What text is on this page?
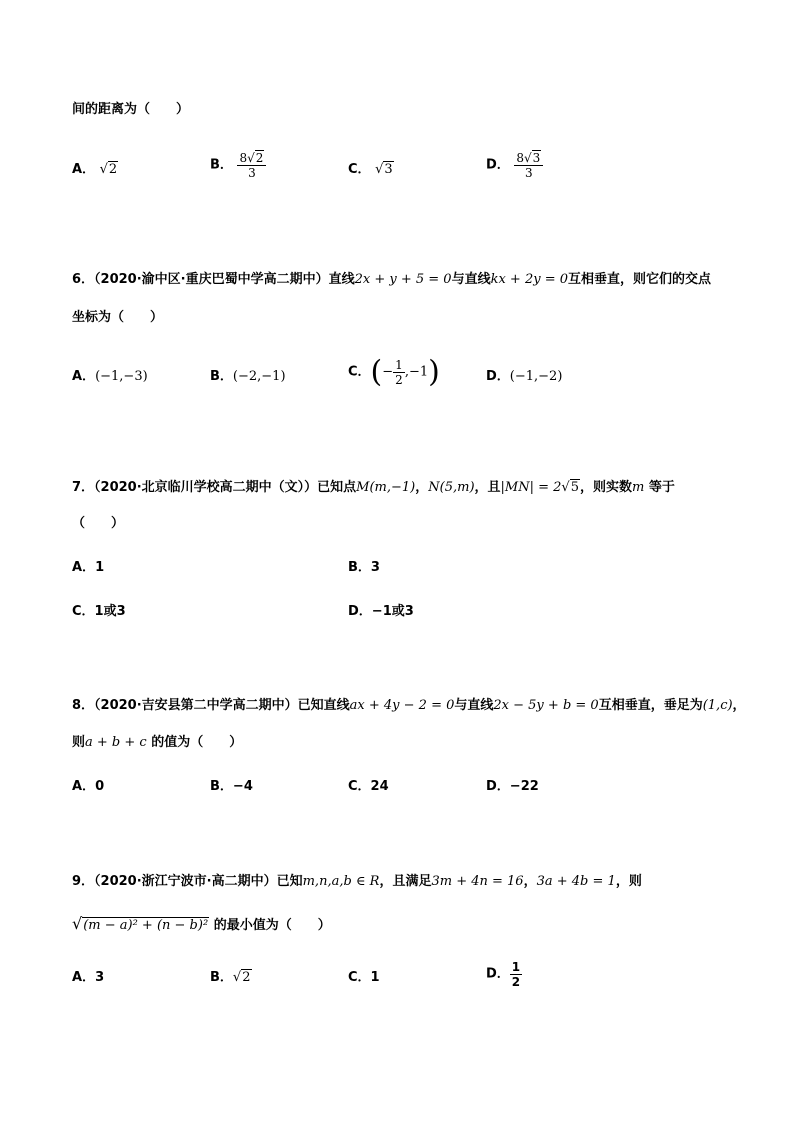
间的距离为（　　）
A． √2	B． $\frac{8√2}{3}$	C． √3	D． $\frac{8√3}{3}$
6．（2020·渝中区·重庆巴蜀中学高二期中）直线2x + y + 5 = 0与直线kx + 2y = 0互相垂直，则它们的交点
坐标为（　　）
A．(−1,−3)	B．(−2,−1)	C．(− $\frac{1}{2} ,-1$)	D．(−1,−2)
7．（2020·北京临川学校高二期中（文））已知点M(m,−1)，N(5,m)，且|MN| = 2√5，则实数m 等于
（　　）
A．1	B．3
C．1或3	D．−1或3
8．（2020·吉安县第二中学高二期中）已知直线ax + 4y − 2 = 0与直线2x − 5y + b = 0互相垂直，垂足为(1,c)，
则a + b + c 的值为（　　）
A．0	B．−4	C．24	D．−22
9．（2020·浙江宁波市·高二期中）已知m,n,a,b ∈ R，且满足3m + 4n = 16，3a + 4b = 1，则
√(m − a)² + (n − b)² 的最小值为（　　）
A．3	B．√2	C．1	D． $\frac{1}{2}$
